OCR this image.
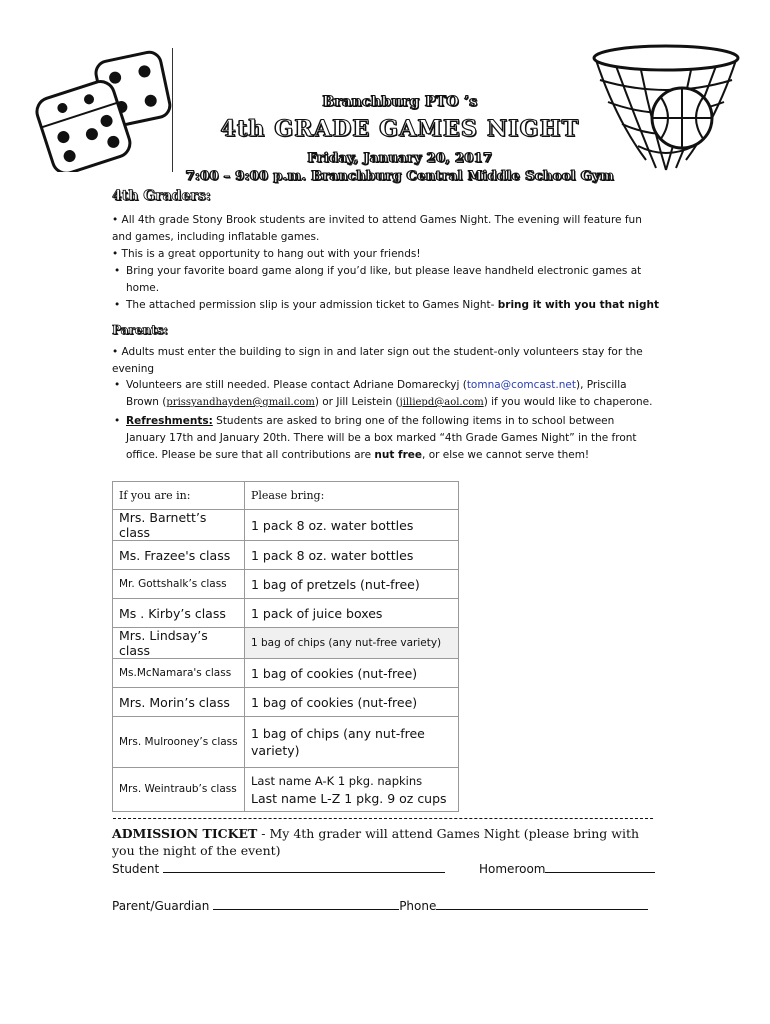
Branchburg PTO ’s
4th GRADE GAMES NIGHT
Friday, January 20, 2017
7:00 – 9:00 p.m. Branchburg Central Middle School Gym
4th Graders:
• All 4th grade Stony Brook students are invited to attend Games Night. The evening will feature fun and games, including inflatable games.
• This is a great opportunity to hang out with your friends!
• Bring your favorite board game along if you’d like, but please leave handheld electronic games at home.
• The attached permission slip is your admission ticket to Games Night- bring it with you that night
Parents:
• Adults must enter the building to sign in and later sign out the student-only volunteers stay for the evening
• Volunteers are still needed. Please contact Adriane Domareckyj (tomna@comcast.net), Priscilla Brown (prissyandhayden@gmail.com) or Jill Leistein (jilliepd@aol.com) if you would like to chaperone.
• Refreshments: Students are asked to bring one of the following items in to school between January 17th and January 20th. There will be a box marked “4th Grade Games Night” in the front office. Please be sure that all contributions are nut free, or else we cannot serve them!
If you are in:	Please bring:
Mrs. Barnett’s class	1 pack 8 oz. water bottles
Ms. Frazee's class	1 pack 8 oz. water bottles
Mr. Gottshalk’s class	1 bag of pretzels (nut-free)
Ms . Kirby’s class	1 pack of juice boxes
Mrs. Lindsay’s class	1 bag of chips (any nut-free variety)
Ms.McNamara's class	1 bag of cookies (nut-free)
Mrs. Morin’s class	1 bag of cookies (nut-free)
Mrs. Mulrooney’s class	1 bag of chips (any nut-free variety)
Mrs. Weintraub’s class	Last name A-K 1 pkg. napkins
Last name L-Z 1 pkg. 9 oz cups
ADMISSION TICKET - My 4th grader will attend Games Night (please bring with you the night of the event)
Student	Homeroom
Parent/Guardian	Phone
